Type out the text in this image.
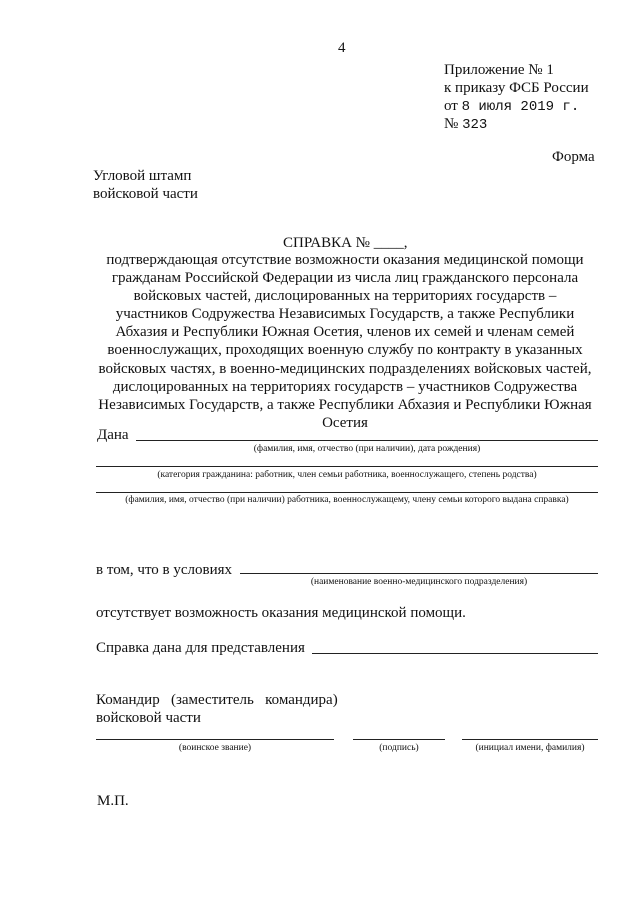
4
Приложение № 1
к приказу ФСБ России
от 8 июля 2019 г.
№ 323
Форма
Угловой штамп
войсковой части
СПРАВКА № ____,
подтверждающая отсутствие возможности оказания медицинской помощи
гражданам Российской Федерации из числа лиц гражданского персонала
войсковых частей, дислоцированных на территориях государств –
участников Содружества Независимых Государств, а также Республики
Абхазия и Республики Южная Осетия, членов их семей и членам семей
военнослужащих, проходящих военную службу по контракту в указанных
войсковых частях, в военно-медицинских подразделениях войсковых частей,
дислоцированных на территориях государств – участников Содружества
Независимых Государств, а также Республики Абхазия и Республики Южная
Осетия
Дана
(фамилия, имя, отчество (при наличии), дата рождения)
(категория гражданина: работник, член семьи работника, военнослужащего, степень родства)
(фамилия, имя, отчество (при наличии) работника, военнослужащему, члену семьи которого выдана справка)
в том, что в условиях
(наименование военно-медицинского подразделения)
отсутствует возможность оказания медицинской помощи.
Справка дана для представления
Командир   (заместитель   командира)
войсковой части
(воинское звание)	(подпись)	(инициал имени, фамилия)
М.П.
